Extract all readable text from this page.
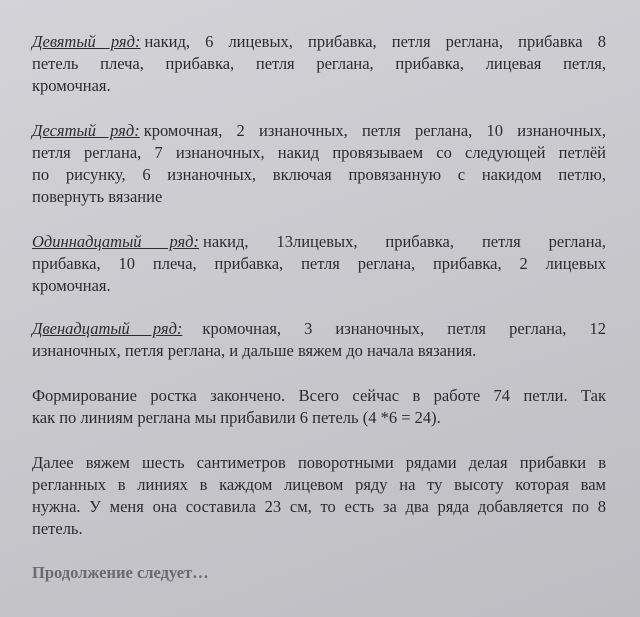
Девятый ряд: накид, 6 лицевых, прибавка, петля реглана, прибавка 8
петель плеча, прибавка, петля реглана, прибавка, лицевая петля,
кромочная.
Десятый ряд: кромочная, 2 изнаночных, петля реглана, 10 изнаночных,
петля реглана, 7 изнаночных, накид провязываем со следующей петлёй
по рисунку, 6 изнаночных, включая провязанную с накидом петлю,
повернуть вязание
Одиннадцатый ряд: накид, 13лицевых, прибавка, петля реглана,
прибавка, 10 плеча, прибавка, петля реглана, прибавка, 2 лицевых
кромочная.
Двенадцатый ряд: кромочная, 3 изнаночных, петля реглана, 12
изнаночных, петля реглана, и дальше вяжем до начала вязания.
Формирование ростка закончено. Всего сейчас в работе 74 петли. Так
как по линиям реглана мы прибавили 6 петель (4 *6 = 24).
Далее вяжем шесть сантиметров поворотными рядами делая прибавки в
регланных в линиях в каждом лицевом ряду на ту высоту которая вам
нужна. У меня она составила 23 см, то есть за два ряда добавляется по 8
петель.
Продолжение следует…
